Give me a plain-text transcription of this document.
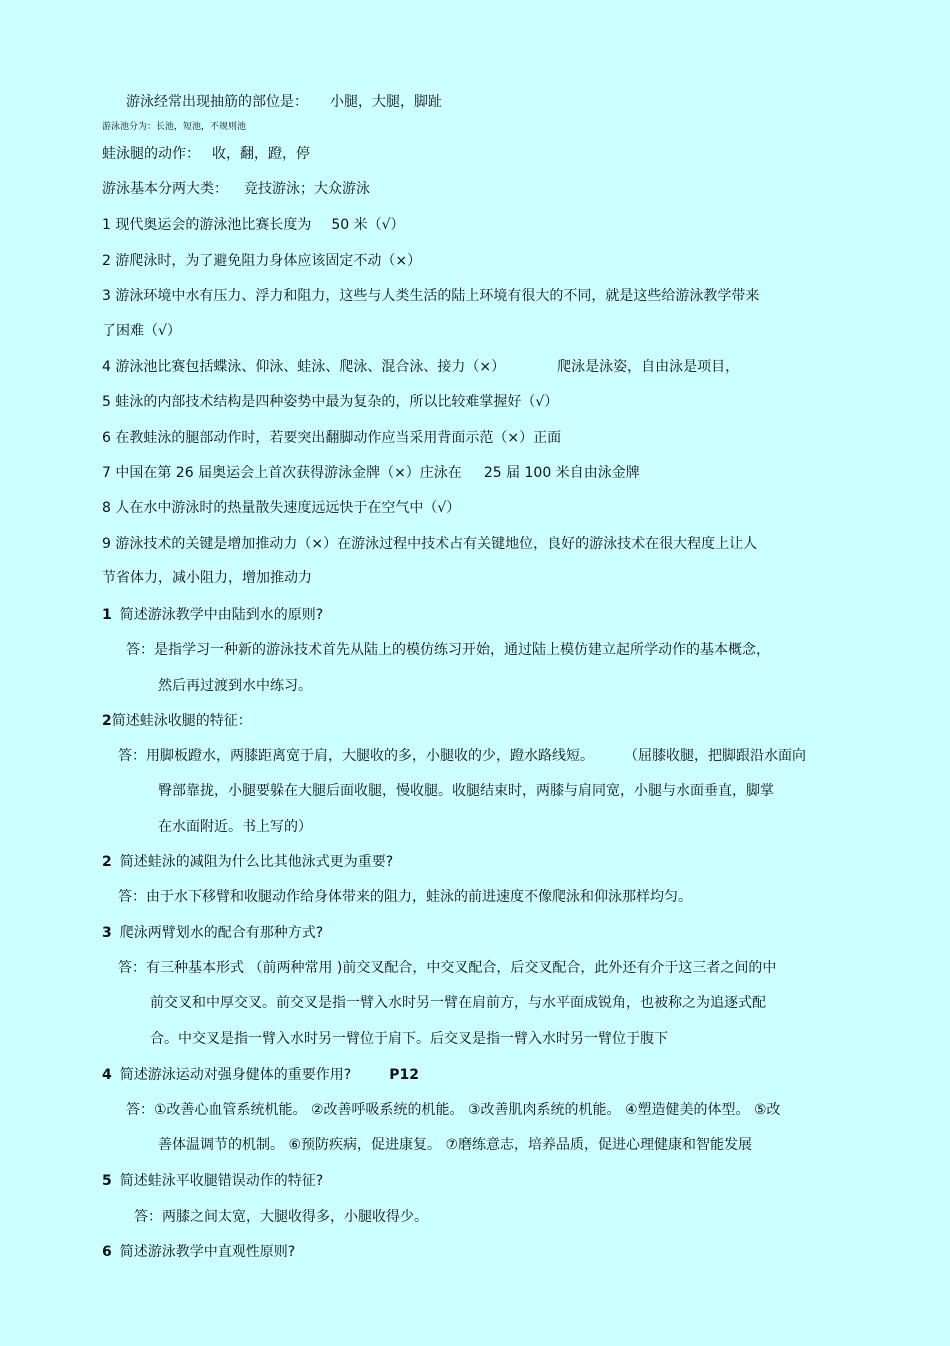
游泳经常出现抽筋的部位是： 小腿，大腿，脚趾
游泳池分为：长池，短池，不规则池
蛙泳腿的动作： 收，翻，蹬，停
游泳基本分两大类： 竞技游泳；大众游泳
1 现代奥运会的游泳池比赛长度为 50 米（√）
2 游爬泳时，为了避免阻力身体应该固定不动（×）
3 游泳环境中水有压力、浮力和阻力，这些与人类生活的陆上环境有很大的不同，就是这些给游泳教学带来
了困难（√）
4 游泳池比赛包括蝶泳、仰泳、蛙泳、爬泳、混合泳、接力（×）	爬泳是泳姿，自由泳是项目，
5 蛙泳的内部技术结构是四种姿势中最为复杂的，所以比较难掌握好（√）
6 在教蛙泳的腿部动作时，若要突出翻脚动作应当采用背面示范（×）正面
7 中国在第 26 届奥运会上首次获得游泳金牌（×）庄泳在 25 届 100 米自由泳金牌
8 人在水中游泳时的热量散失速度远远快于在空气中（√）
9 游泳技术的关键是增加推动力（×）在游泳过程中技术占有关键地位，良好的游泳技术在很大程度上让人
节省体力，减小阻力，增加推动力
1 简述游泳教学中由陆到水的原则?
答：是指学习一种新的游泳技术首先从陆上的模仿练习开始，通过陆上模仿建立起所学动作的基本概念，
然后再过渡到水中练习。
2简述蛙泳收腿的特征：
答：用脚板蹬水，两膝距离宽于肩，大腿收的多，小腿收的少，蹬水路线短。 （屈膝收腿，把脚跟沿水面向
臀部靠拢，小腿要躲在大腿后面收腿，慢收腿。收腿结束时，两膝与肩同宽，小腿与水面垂直，脚掌
在水面附近。书上写的）
2 简述蛙泳的减阻为什么比其他泳式更为重要?
答：由于水下移臂和收腿动作给身体带来的阻力，蛙泳的前进速度不像爬泳和仰泳那样均匀。
3 爬泳两臂划水的配合有那种方式?
答：有三种基本形式 （前两种常用 )前交叉配合，中交叉配合，后交叉配合，此外还有介于这三者之间的中
前交叉和中厚交叉。前交叉是指一臂入水时另一臂在肩前方，与水平面成锐角，也被称之为追逐式配
合。中交叉是指一臂入水时另一臂位于肩下。后交叉是指一臂入水时另一臂位于腹下
4 简述游泳运动对强身健体的重要作用?	P12
答：①改善心血管系统机能。 ②改善呼吸系统的机能。 ③改善肌肉系统的机能。 ④塑造健美的体型。 ⑤改
善体温调节的机制。 ⑥预防疾病，促进康复。 ⑦磨练意志，培养品质，促进心理健康和智能发展
5 简述蛙泳平收腿错误动作的特征?
答：两膝之间太宽，大腿收得多，小腿收得少。
6 简述游泳教学中直观性原则?
